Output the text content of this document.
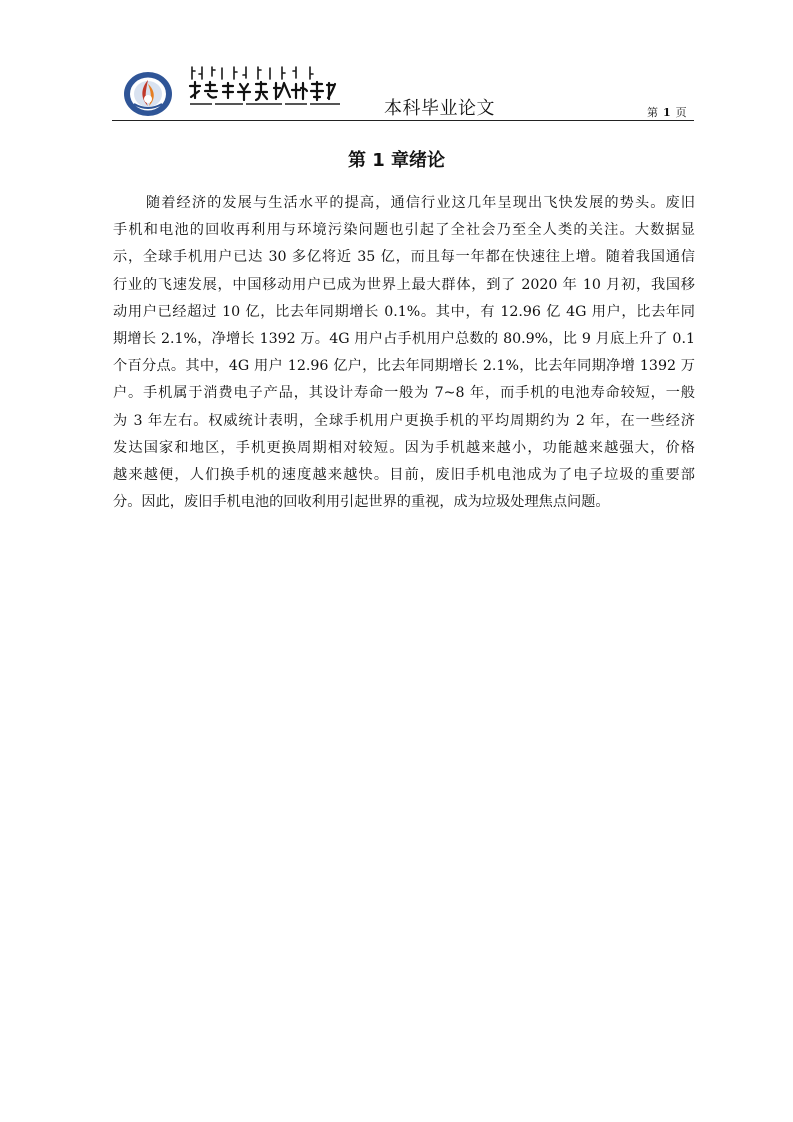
本科毕业论文	第 1 页
第 1 章绪论
随着经济的发展与生活水平的提高，通信行业这几年呈现出飞快发展的势头。废旧
手机和电池的回收再利用与环境污染问题也引起了全社会乃至全人类的关注。大数据显
示，全球手机用户已达 30 多亿将近 35 亿，而且每一年都在快速往上增。随着我国通信
行业的飞速发展，中国移动用户已成为世界上最大群体，到了 2020 年 10 月初，我国移
动用户已经超过 10 亿，比去年同期增长 0.1%。其中，有 12.96 亿 4G 用户，比去年同
期增长 2.1%，净增长 1392 万。4G 用户占手机用户总数的 80.9%，比 9 月底上升了 0.1
个百分点。其中，4G 用户 12.96 亿户，比去年同期增长 2.1%，比去年同期净增 1392 万
户。手机属于消费电子产品，其设计寿命一般为 7~8 年，而手机的电池寿命较短，一般
为 3 年左右。权威统计表明，全球手机用户更换手机的平均周期约为 2 年，在一些经济
发达国家和地区，手机更换周期相对较短。因为手机越来越小，功能越来越强大，价格
越来越便，人们换手机的速度越来越快。目前，废旧手机电池成为了电子垃圾的重要部
分。因此，废旧手机电池的回收利用引起世界的重视，成为垃圾处理焦点问题。
